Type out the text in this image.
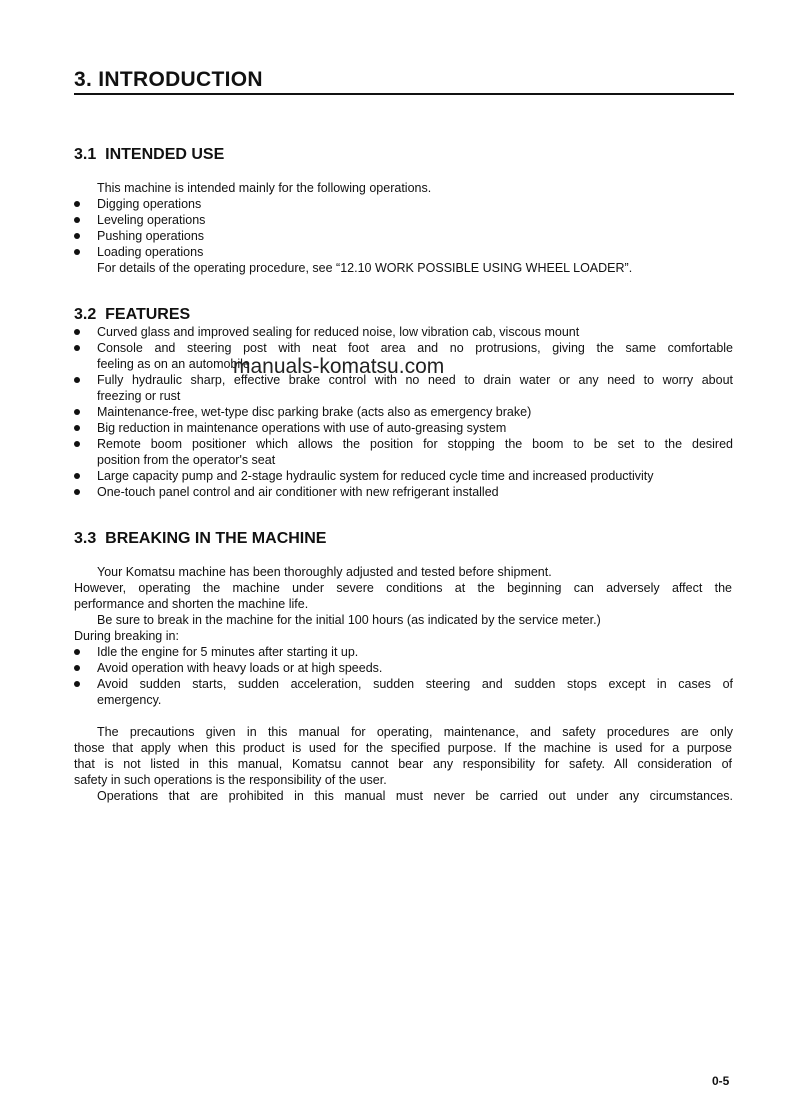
3. INTRODUCTION
3.1  INTENDED USE
This machine is intended mainly for the following operations.
Digging operations
Leveling operations
Pushing operations
Loading operations
For details of the operating procedure, see “12.10 WORK POSSIBLE USING WHEEL LOADER”.
3.2  FEATURES
Curved glass and improved sealing for reduced noise, low vibration cab, viscous mount
Console and steering post with neat foot area and no protrusions, giving the same comfortable
feeling as on an automobile
Fully hydraulic sharp, effective brake control with no need to drain water or any need to worry about
freezing or rust
Maintenance-free, wet-type disc parking brake (acts also as emergency brake)
Big reduction in maintenance operations with use of auto-greasing system
Remote boom positioner which allows the position for stopping the boom to be set to the desired
position from the operator's seat
Large capacity pump and 2-stage hydraulic system for reduced cycle time and increased productivity
One-touch panel control and air conditioner with new refrigerant installed
3.3  BREAKING IN THE MACHINE
Your Komatsu machine has been thoroughly adjusted and tested before shipment.
However, operating the machine under severe conditions at the beginning can adversely affect the
performance and shorten the machine life.
Be sure to break in the machine for the initial 100 hours (as indicated by the service meter.)
During breaking in:
Idle the engine for 5 minutes after starting it up.
Avoid operation with heavy loads or at high speeds.
Avoid sudden starts, sudden acceleration, sudden steering and sudden stops except in cases of
emergency.
The precautions given in this manual for operating, maintenance, and safety procedures are only
those that apply when this product is used for the specified purpose. If the machine is used for a purpose
that is not listed in this manual, Komatsu cannot bear any responsibility for safety. All consideration of
safety in such operations is the responsibility of the user.
Operations that are prohibited in this manual must never be carried out under any circumstances.
manuals-komatsu.com
0-5
